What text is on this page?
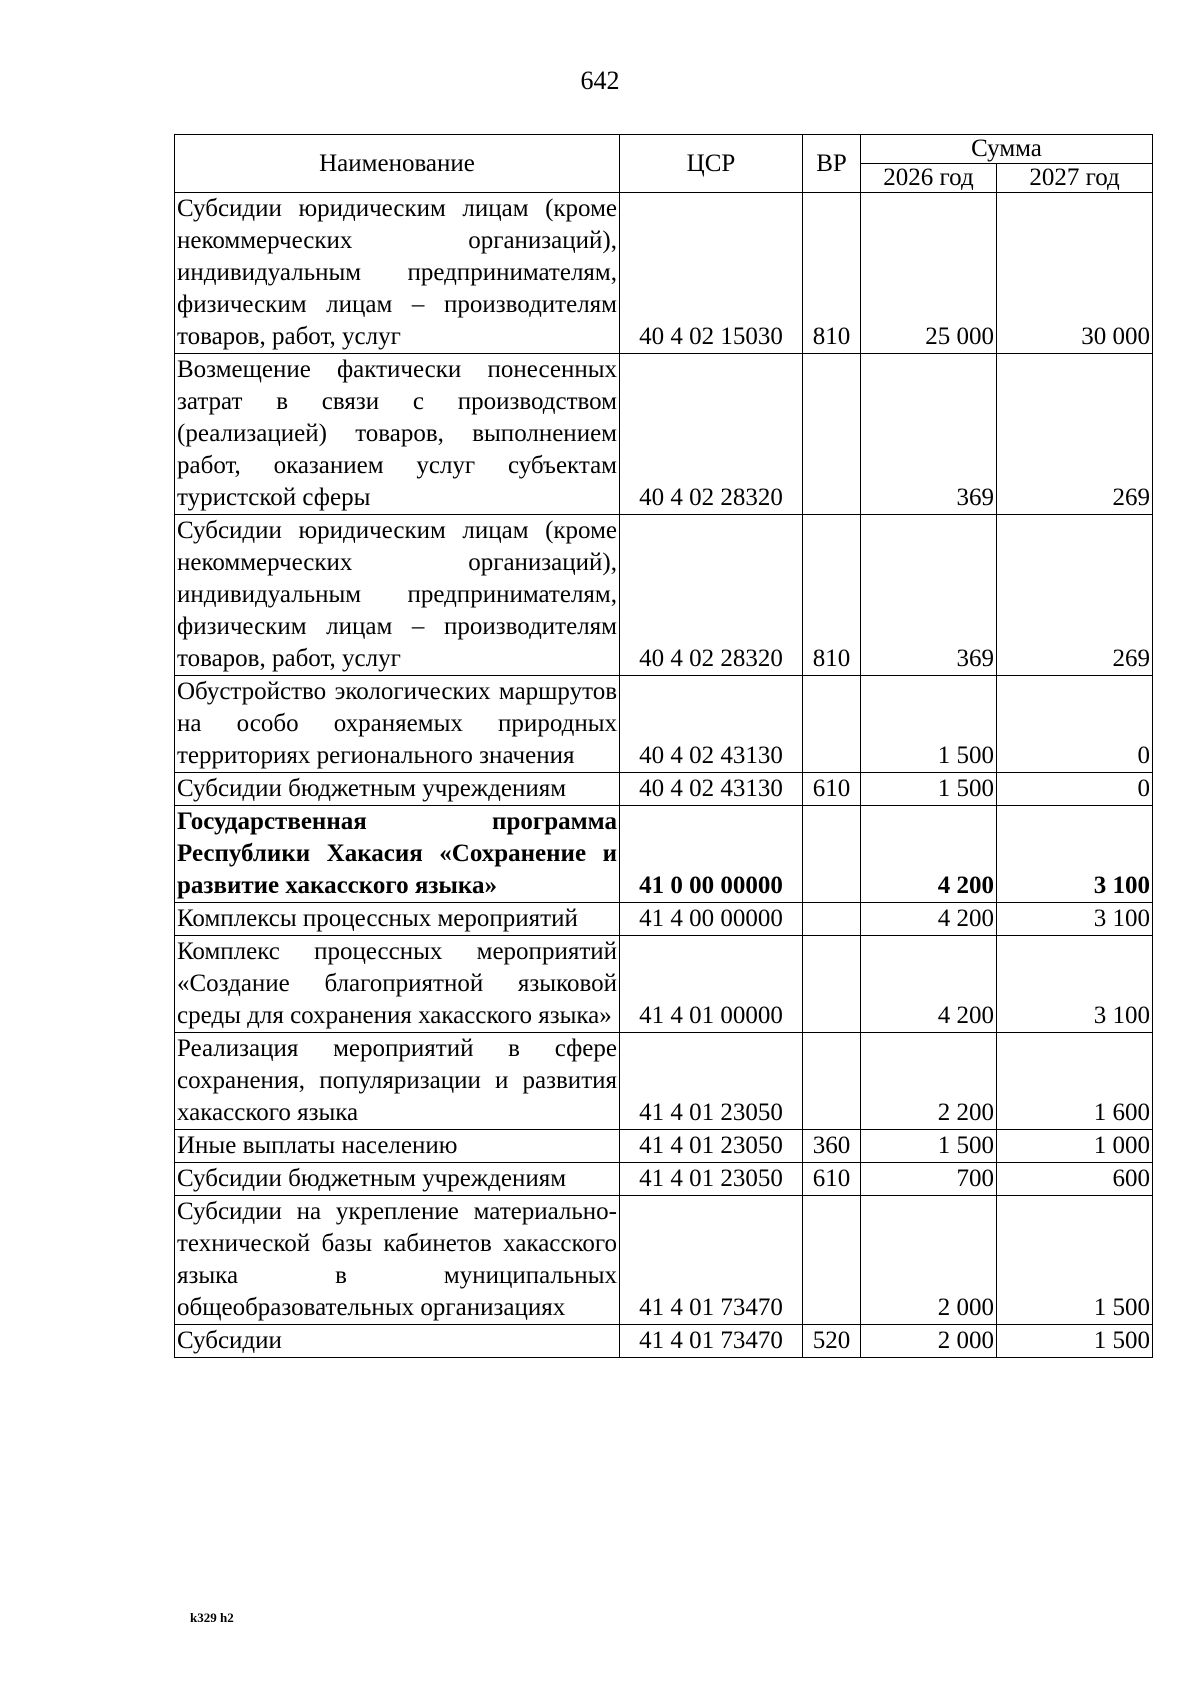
642
Наименование	ЦСР	ВР	Сумма	
			2026 год	2027 год
Субсидии юридическим лицам (кроме некоммерческих организаций), индивидуальным предпринимателям, физическим лицам – производителям товаров, работ, услуг	40 4 02 15030	810	25 000	30 000
Возмещение фактически понесенных затрат в связи с производством (реализацией) товаров, выполнением работ, оказанием услуг субъектам туристской сферы	40 4 02 28320		369	269
Субсидии юридическим лицам (кроме некоммерческих организаций), индивидуальным предпринимателям, физическим лицам – производителям товаров, работ, услуг	40 4 02 28320	810	369	269
Обустройство экологических маршрутов на особо охраняемых природных территориях регионального значения	40 4 02 43130		1 500	0
Субсидии бюджетным учреждениям	40 4 02 43130	610	1 500	0
Государственная программа Республики Хакасия «Сохранение и развитие хакасского языка»	41 0 00 00000		4 200	3 100
Комплексы процессных мероприятий	41 4 00 00000		4 200	3 100
Комплекс процессных мероприятий «Создание благоприятной языковой среды для сохранения хакасского языка»	41 4 01 00000		4 200	3 100
Реализация мероприятий в сфере сохранения, популяризации и развития хакасского языка	41 4 01 23050		2 200	1 600
Иные выплаты населению	41 4 01 23050	360	1 500	1 000
Субсидии бюджетным учреждениям	41 4 01 23050	610	700	600
Субсидии на укрепление материально-технической базы кабинетов хакасского языка в муниципальных общеобразовательных организациях	41 4 01 73470		2 000	1 500
Субсидии	41 4 01 73470	520	2 000	1 500
k329 h2
